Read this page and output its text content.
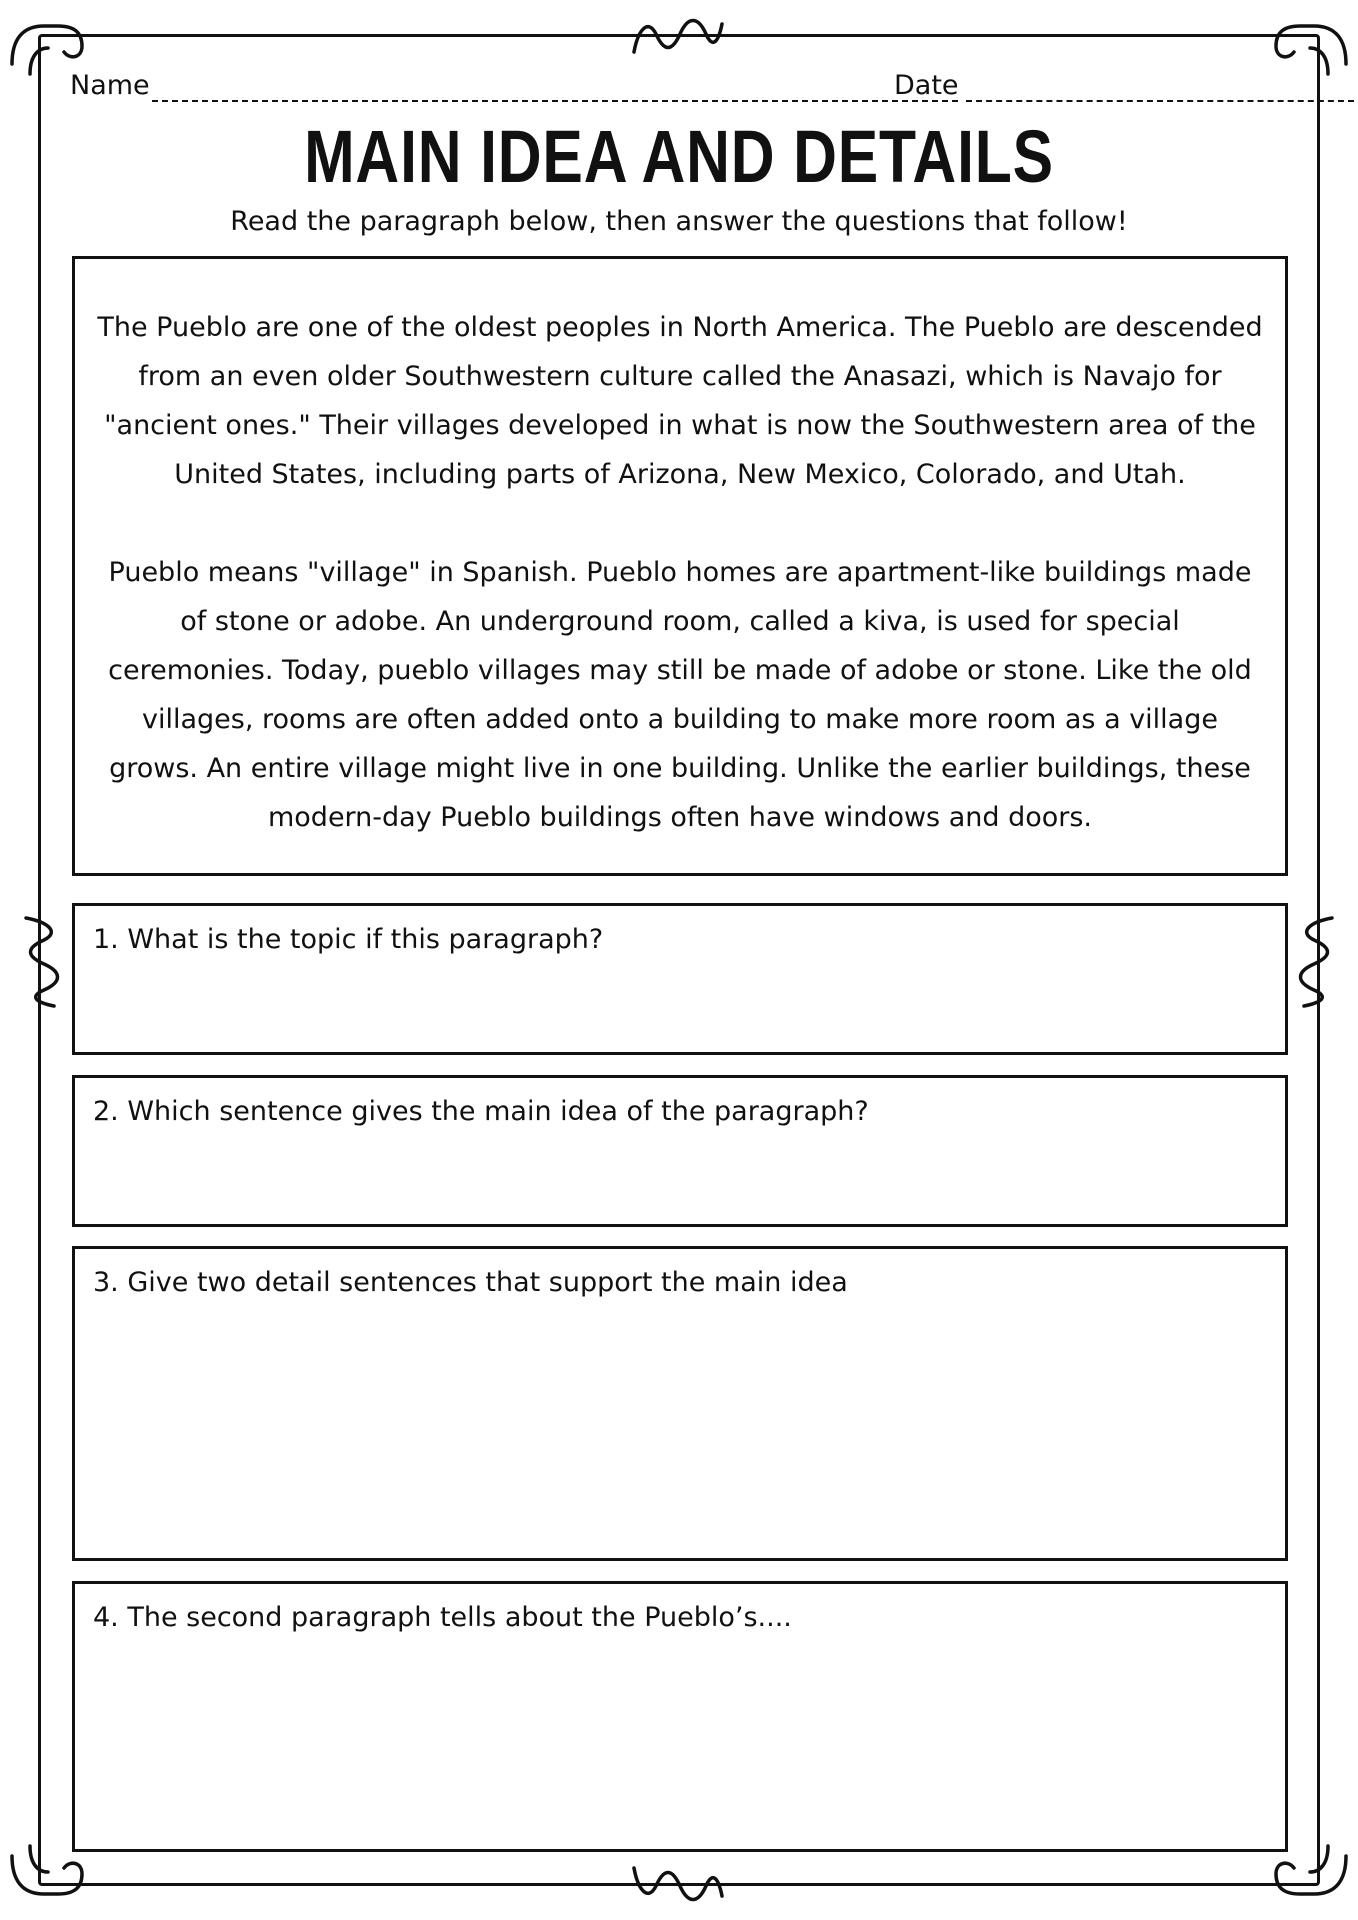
Name	Date
MAIN IDEA AND DETAILS
Read the paragraph below, then answer the questions that follow!

The Pueblo are one of the oldest peoples in North America. The Pueblo are descended from an even older Southwestern culture called the Anasazi, which is Navajo for "ancient ones." Their villages developed in what is now the Southwestern area of the United States, including parts of Arizona, New Mexico, Colorado, and Utah.

Pueblo means "village" in Spanish. Pueblo homes are apartment-like buildings made of stone or adobe. An underground room, called a kiva, is used for special ceremonies. Today, pueblo villages may still be made of adobe or stone. Like the old villages, rooms are often added onto a building to make more room as a village grows. An entire village might live in one building. Unlike the earlier buildings, these modern-day Pueblo buildings often have windows and doors.

1. What is the topic if this paragraph?
2. Which sentence gives the main idea of the paragraph?
3. Give two detail sentences that support the main idea
4. The second paragraph tells about the Pueblo’s....
